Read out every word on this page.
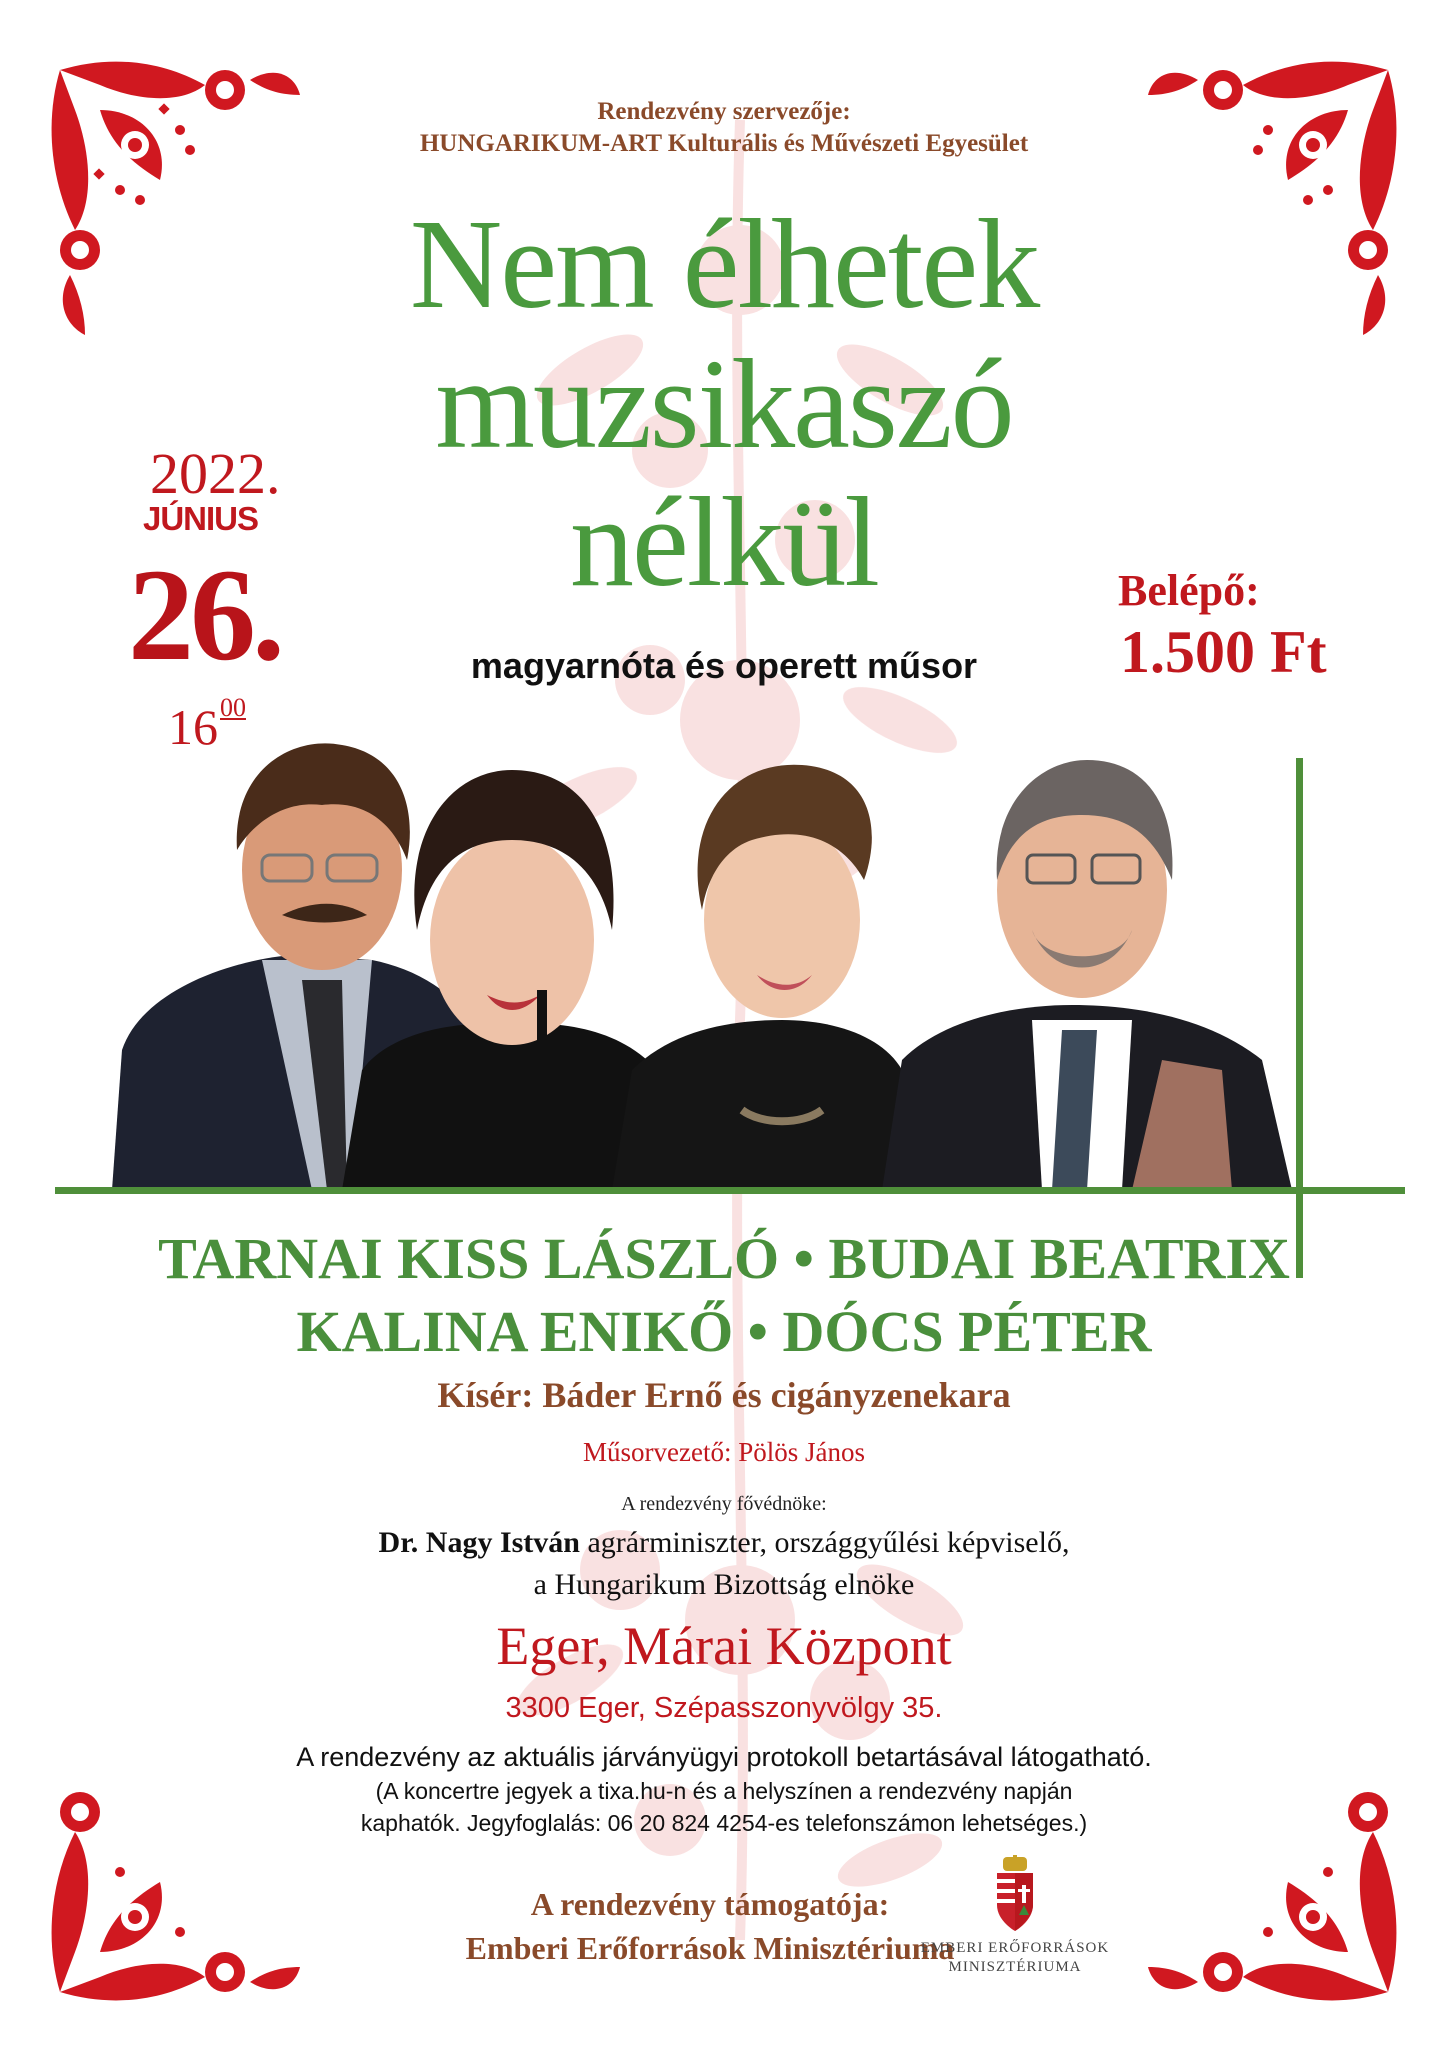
Rendezvény szervezője:
HUNGARIKUM-ART Kulturális és Művészeti Egyesület
Nem élhetek
muzsikaszó
nélkül
magyarnóta és operett műsor
2022.
JÚNIUS
26.
$16^{00}$
Belépő:
1.500 Ft
TARNAI KISS LÁSZLÓ • BUDAI BEATRIX
KALINA ENIKŐ • DÓCS PÉTER
Kísér: Báder Ernő és cigányzenekara
Műsorvezető: Pölös János
A rendezvény fővédnöke:
Dr. Nagy István agrárminiszter, országgyűlési képviselő,
a Hungarikum Bizottság elnöke
Eger, Márai Központ
3300 Eger, Szépasszonyvölgy 35.
A rendezvény az aktuális járványügyi protokoll betartásával látogatható.
(A koncertre jegyek a tixa.hu-n és a helyszínen a rendezvény napján
kaphatók. Jegyfoglalás: 06 20 824 4254-es telefonszámon lehetséges.)
A rendezvény támogatója:
Emberi Erőforrások Minisztériuma
EMBERI ERŐFORRÁSOK
MINISZTÉRIUMA
